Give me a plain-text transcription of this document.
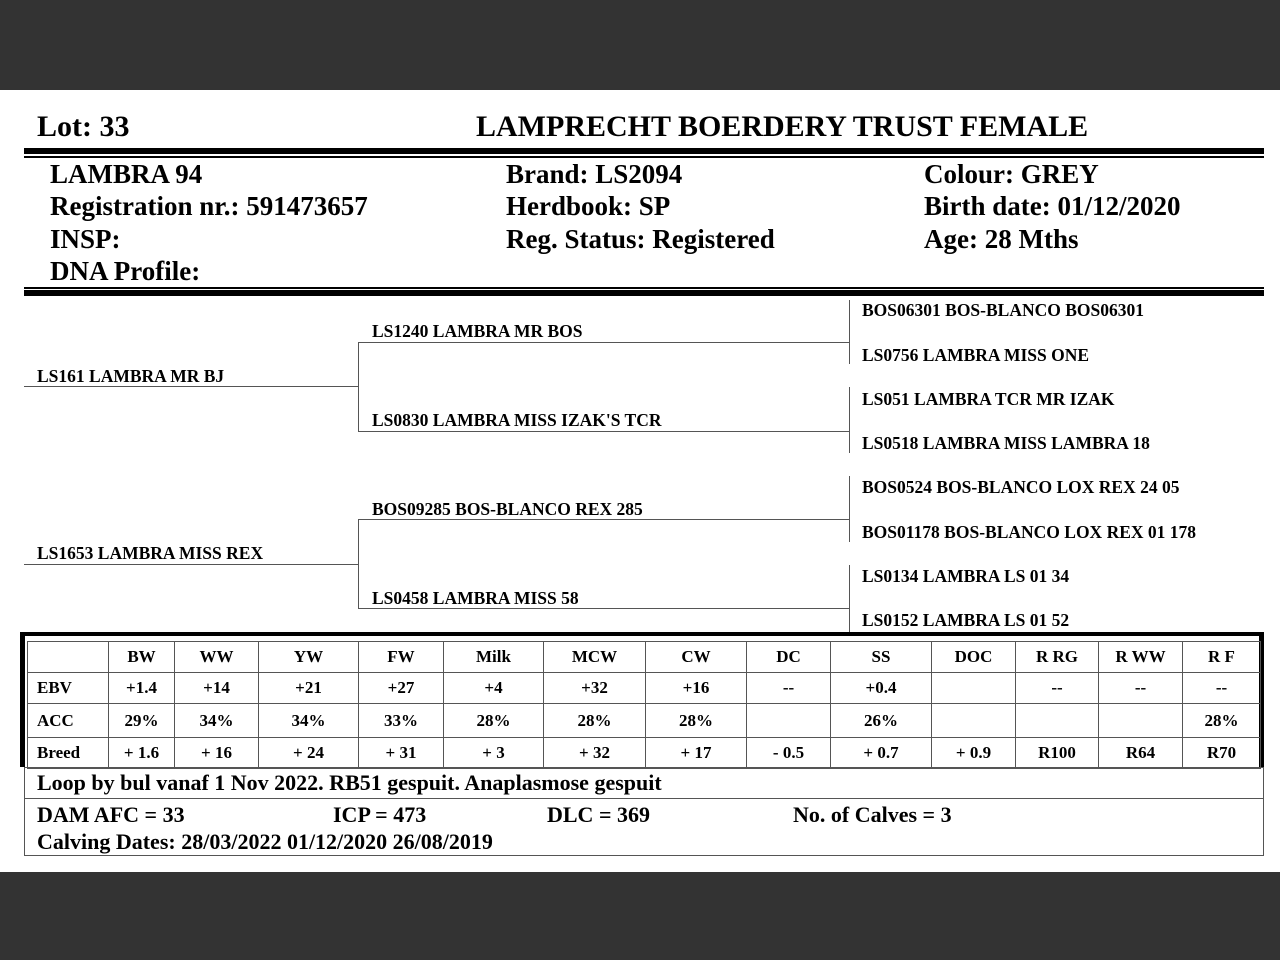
Lot: 33	LAMPRECHT BOERDERY TRUST FEMALE
LAMBRA 94
Registration nr.: 591473657
INSP:
DNA Profile:
Brand: LS2094
Herdbook: SP
Reg. Status: Registered
Colour: GREY
Birth date: 01/12/2020
Age: 28 Mths
LS161 LAMBRA MR BJ
LS1653 LAMBRA MISS REX
LS1240 LAMBRA MR BOS
LS0830 LAMBRA MISS IZAK'S TCR
BOS09285 BOS-BLANCO REX 285
LS0458 LAMBRA MISS 58
BOS06301 BOS-BLANCO BOS06301
LS0756 LAMBRA MISS ONE
LS051 LAMBRA TCR MR IZAK
LS0518 LAMBRA MISS LAMBRA 18
BOS0524 BOS-BLANCO LOX REX 24 05
BOS01178 BOS-BLANCO LOX REX 01 178
LS0134 LAMBRA LS 01 34
LS0152 LAMBRA LS 01 52
	BW	WW	YW	FW	Milk	MCW	CW	DC	SS	DOC	R RG	R WW	R F
EBV	+1.4	+14	+21	+27	+4	+32	+16	--	+0.4		--	--	--
ACC	29%	34%	34%	33%	28%	28%	28%		26%				28%
Breed	+ 1.6	+ 16	+ 24	+ 31	+ 3	+ 32	+ 17	- 0.5	+ 0.7	+ 0.9	R100	R64	R70
Loop by bul vanaf 1 Nov 2022. RB51 gespuit. Anaplasmose gespuit
DAM AFC = 33	ICP = 473	DLC = 369	No. of Calves = 3
Calving Dates: 28/03/2022 01/12/2020 26/08/2019
